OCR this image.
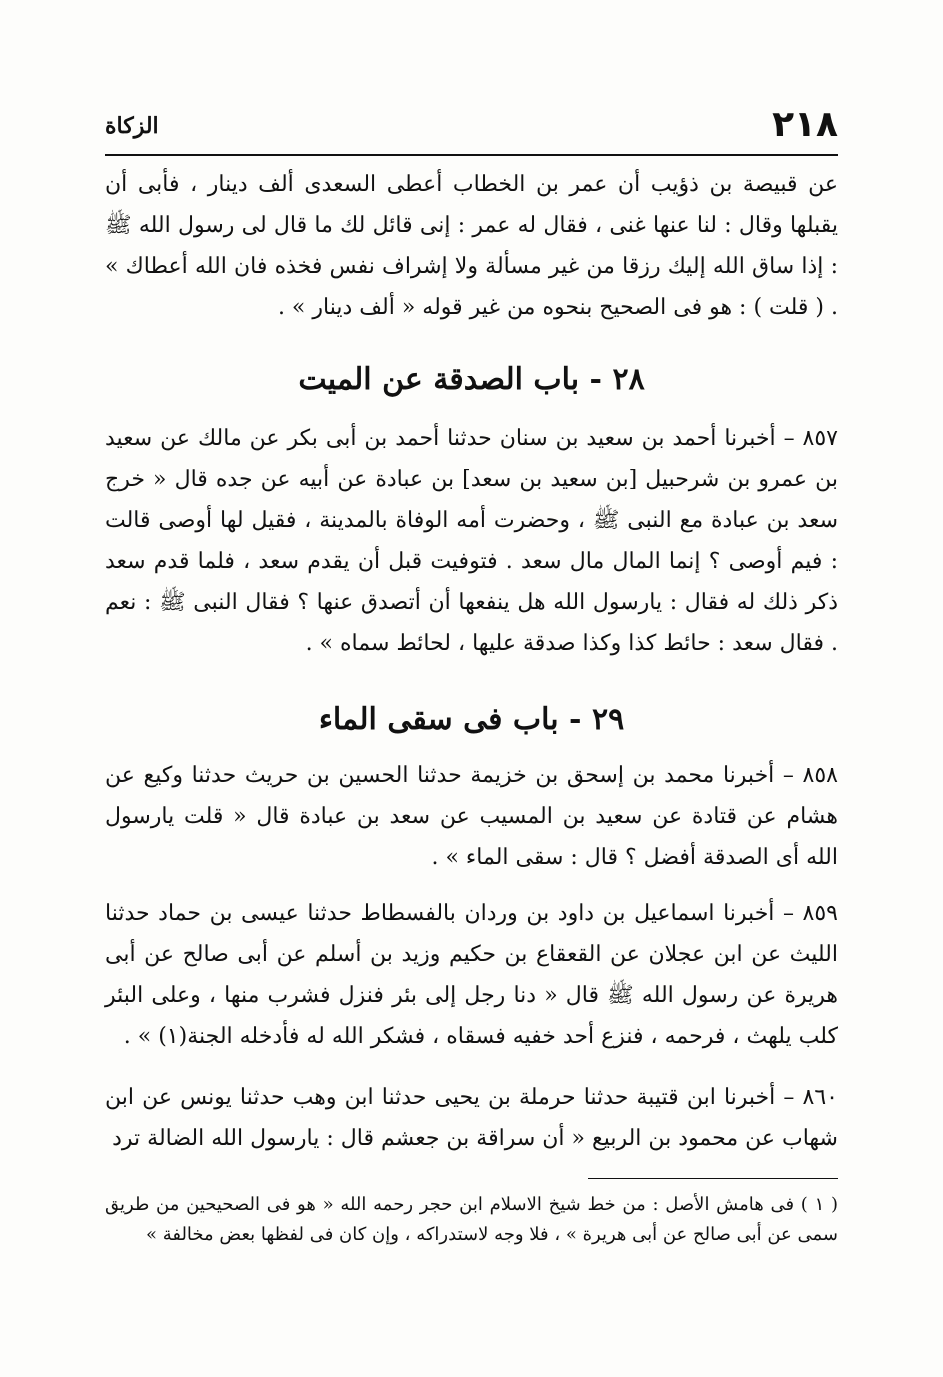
٢١٨
الزكاة

عن قبيصة بن ذؤيب أن عمر بن الخطاب أعطى السعدى ألف دينار ، فأبى أن يقبلها وقال : لنا عنها غنى ، فقال له عمر : إنى قائل لك ما قال لى رسول الله ﷺ : إذا ساق الله إليك رزقا من غير مسألة ولا إشراف نفس فخذه فان الله أعطاك » . ( قلت ) : هو فى الصحيح بنحوه من غير قوله « ألف دينار » .

٢٨ - باب الصدقة عن الميت

٨٥٧ – أخبرنا أحمد بن سعيد بن سنان حدثنا أحمد بن أبى بكر عن مالك عن سعيد بن عمرو بن شرحبيل [بن سعيد بن سعد] بن عبادة عن أبيه عن جده قال « خرج سعد بن عبادة مع النبى ﷺ ، وحضرت أمه الوفاة بالمدينة ، فقيل لها أوصى قالت : فيم أوصى ؟ إنما المال مال سعد . فتوفيت قبل أن يقدم سعد ، فلما قدم سعد ذكر ذلك له فقال : يارسول الله هل ينفعها أن أتصدق عنها ؟ فقال النبى ﷺ : نعم . فقال سعد : حائط كذا وكذا صدقة عليها ، لحائط سماه » .

٢٩ - باب فى سقى الماء

٨٥٨ – أخبرنا محمد بن إسحق بن خزيمة حدثنا الحسين بن حريث حدثنا وكيع عن هشام عن قتادة عن سعيد بن المسيب عن سعد بن عبادة قال « قلت يارسول الله أى الصدقة أفضل ؟ قال : سقى الماء » .

٨٥٩ – أخبرنا اسماعيل بن داود بن وردان بالفسطاط حدثنا عيسى بن حماد حدثنا الليث عن ابن عجلان عن القعقاع بن حكيم وزيد بن أسلم عن أبى صالح عن أبى هريرة عن رسول الله ﷺ قال « دنا رجل إلى بئر فنزل فشرب منها ، وعلى البئر كلب يلهث ، فرحمه ، فنزع أحد خفيه فسقاه ، فشكر الله له فأدخله الجنة(١) » .

٨٦٠ – أخبرنا ابن قتيبة حدثنا حرملة بن يحيى حدثنا ابن وهب حدثنا يونس عن ابن شهاب عن محمود بن الربيع « أن سراقة بن جعشم قال : يارسول الله الضالة ترد

( ١ ) فى هامش الأصل : من خط شيخ الاسلام ابن حجر رحمه الله « هو فى الصحيحين من طريق سمى عن أبى صالح عن أبى هريرة » ، فلا وجه لاستدراكه ، وإن كان فى لفظها بعض مخالفة »
